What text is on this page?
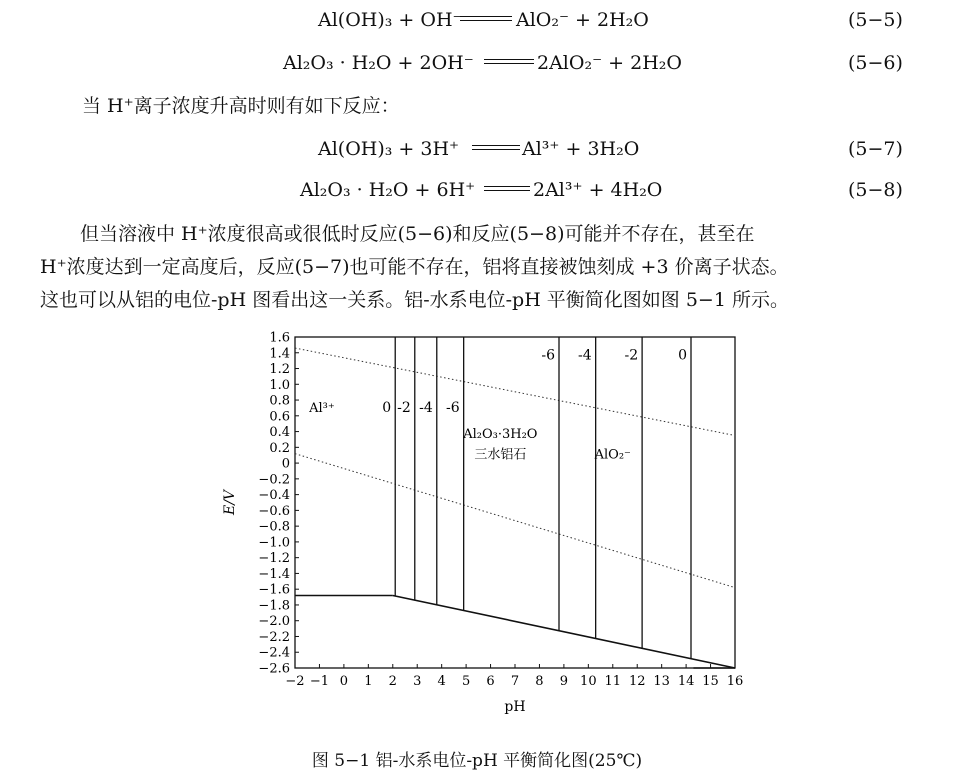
Al(OH)₃ + OH⁻	AlO₂⁻ + 2H₂O	(5−5)
Al₂O₃ · H₂O + 2OH⁻	2AlO₂⁻ + 2H₂O	(5−6)
Al(OH)₃ + 3H⁺	Al³⁺ + 3H₂O	(5−7)
Al₂O₃ · H₂O + 6H⁺	2Al³⁺ + 4H₂O	(5−8)

当 H⁺离子浓度升高时则有如下反应：

但当溶液中 H⁺浓度很高或很低时反应(5−6)和反应(5−8)可能并不存在，甚至在
H⁺浓度达到一定高度后，反应(5−7)也可能不存在，铝将直接被蚀刻成 +3 价离子状态。
这也可以从铝的电位-pH 图看出这一关系。铝-水系电位-pH 平衡简化图如图 5−1 所示。

1.6
1.4
1.2
1.0
0.8
0.6
0.4
0.2
0
−0.2
−0.4
−0.6
−0.8
−1.0
−1.2
−1.4
−1.6
−1.8
−2.0
−2.2
−2.4
−2.6
−2 −1 0 1 2 3 4 5 6 7 8 9 10 11 12 13 14 15 16
pH
E/V
0 -2 -4 -6
-6 -4 -2	0
Al³⁺
Al₂O₃·3H₂O
三水铝石	AlO₂⁻
图 5−1 铝-水系电位-pH 平衡简化图(25℃)
